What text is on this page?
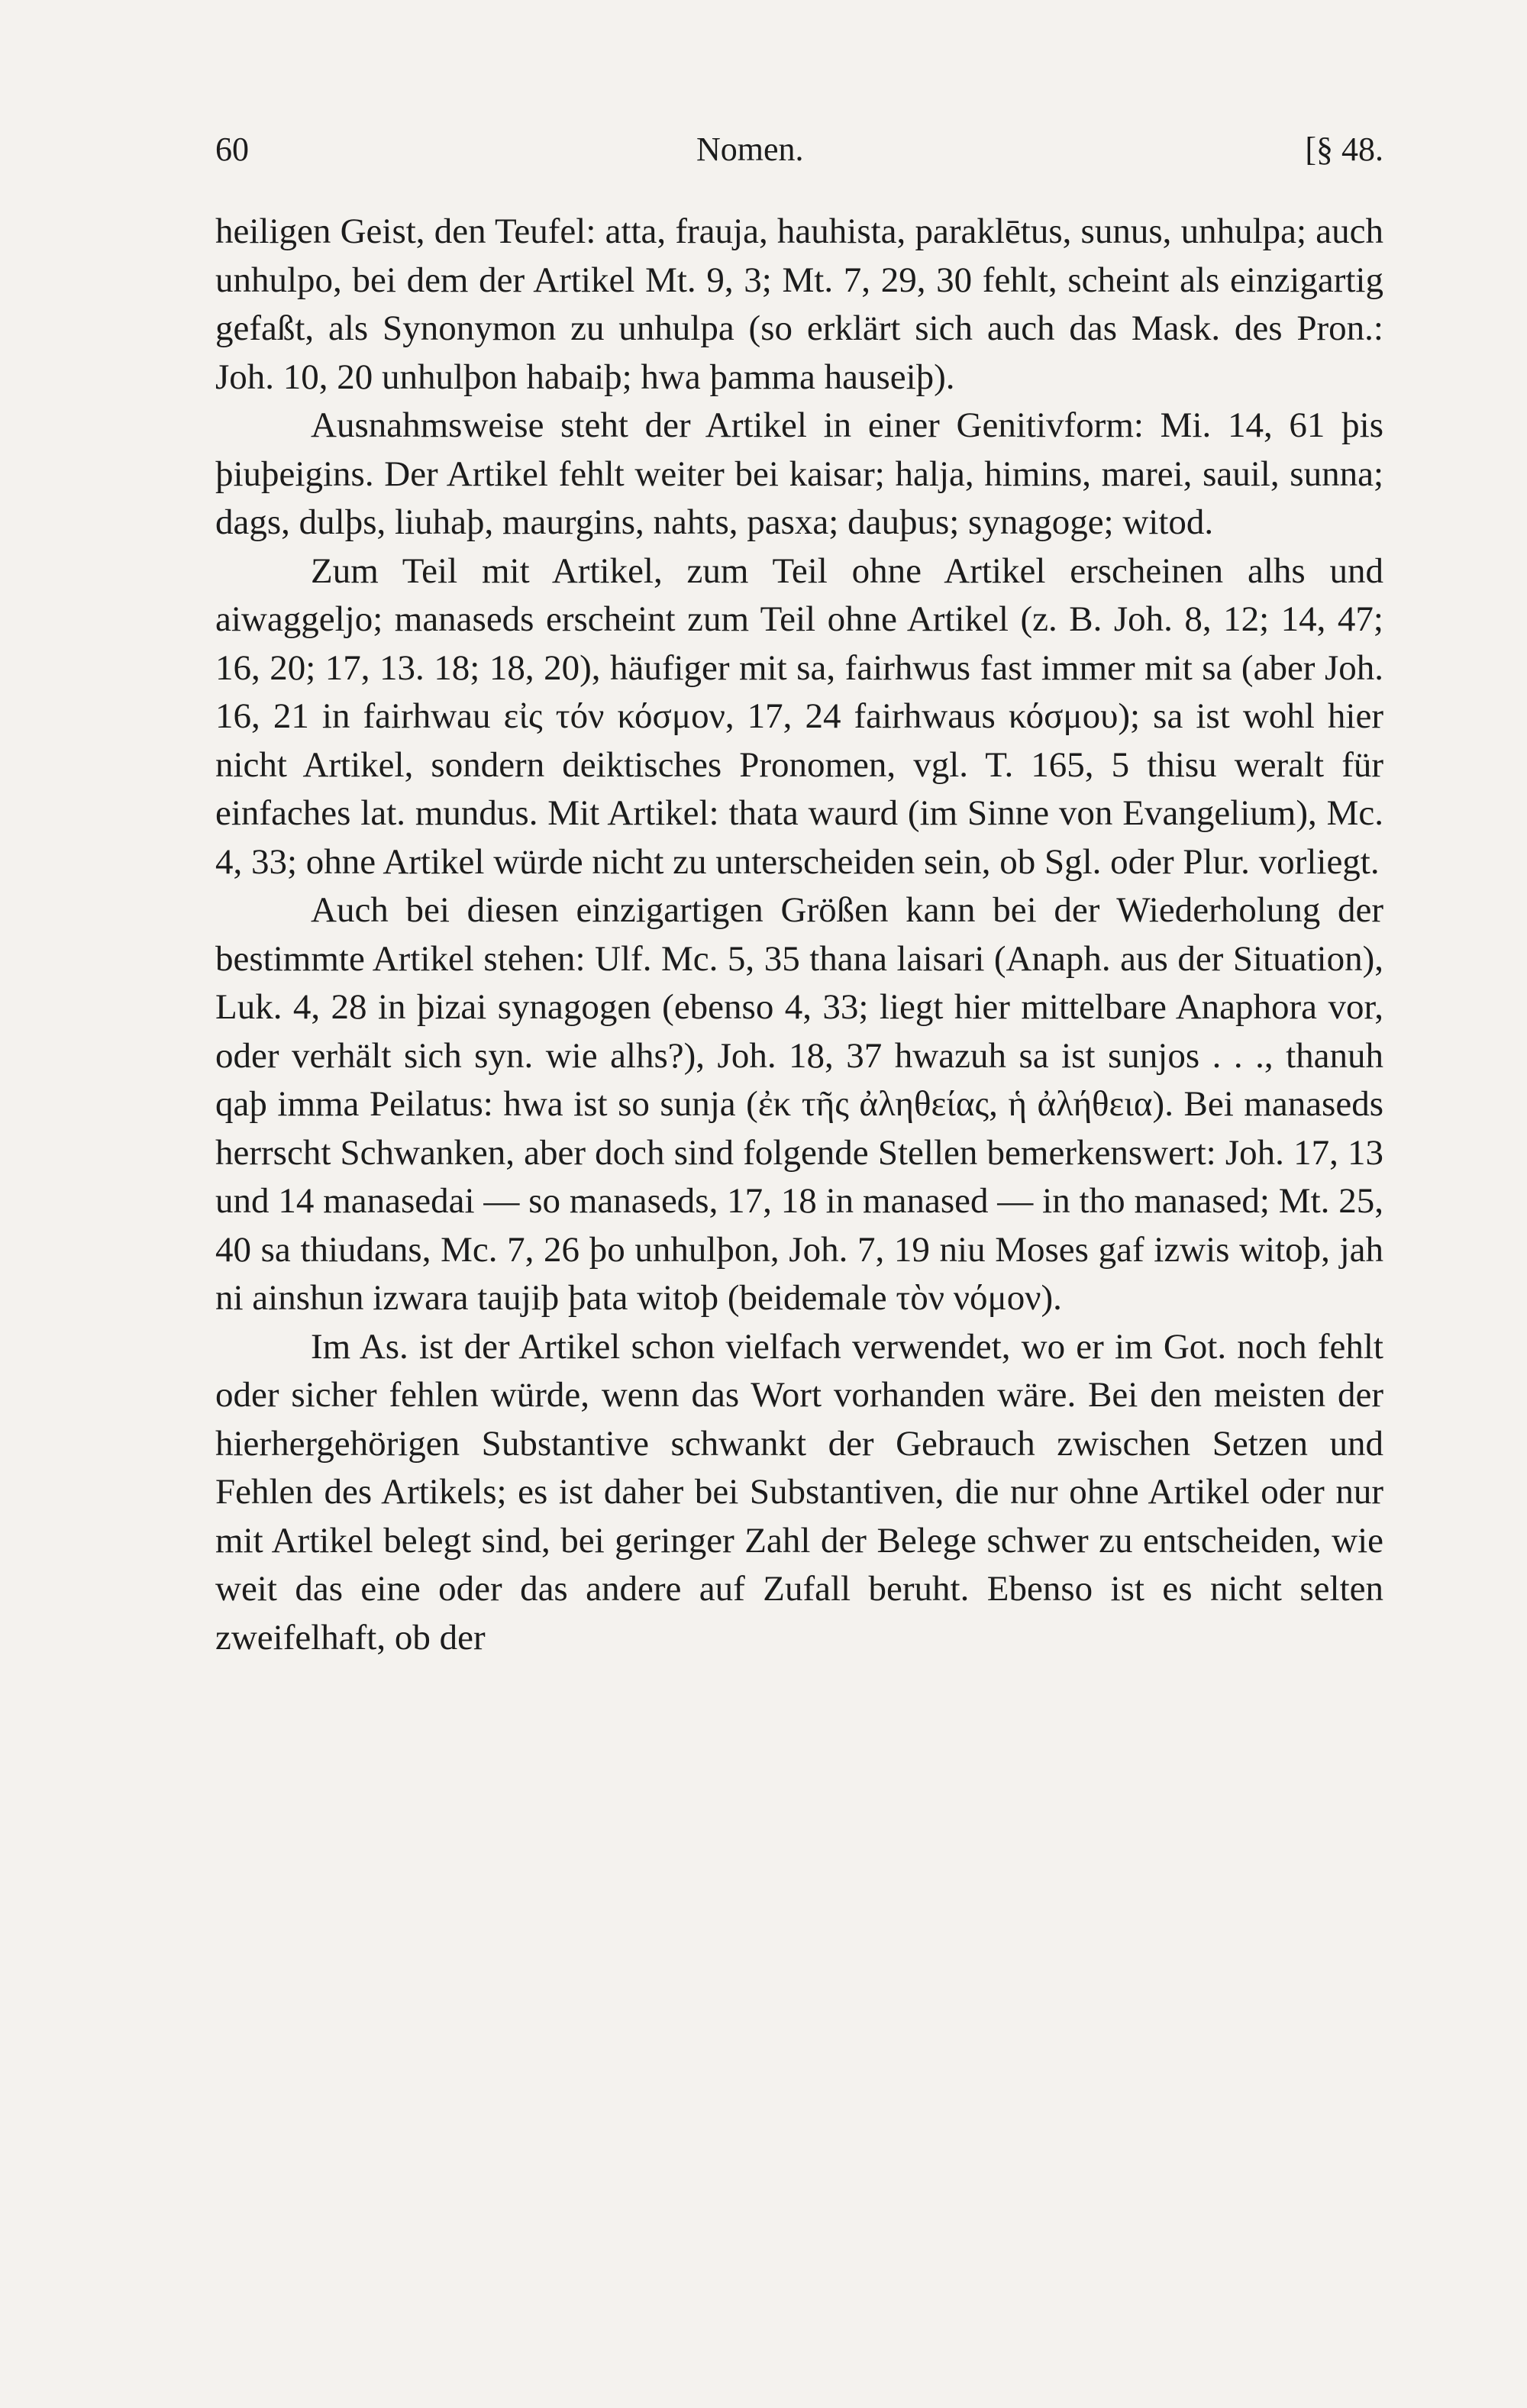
60	Nomen.	[§ 48.

heiligen Geist, den Teufel: atta, frauja, hauhista, paraklētus, sunus, unhulpa; auch unhulpo, bei dem der Artikel Mt. 9, 3; Mt. 7, 29, 30 fehlt, scheint als einzigartig gefaßt, als Synonymon zu unhulpa (so erklärt sich auch das Mask. des Pron.: Joh. 10, 20 unhulþon habaiþ; hwa þamma hauseiþ).

Ausnahmsweise steht der Artikel in einer Genitivform: Mi. 14, 61 þis þiuþeigins. Der Artikel fehlt weiter bei kaisar; halja, himins, marei, sauil, sunna; dags, dulþs, liuhaþ, maurgins, nahts, pasxa; dauþus; synagoge; witod.

Zum Teil mit Artikel, zum Teil ohne Artikel erscheinen alhs und aiwaggeljo; manaseds erscheint zum Teil ohne Artikel (z. B. Joh. 8, 12; 14, 47; 16, 20; 17, 13. 18; 18, 20), häufiger mit sa, fairhwus fast immer mit sa (aber Joh. 16, 21 in fairhwau εἰς τόν κόσμον, 17, 24 fairhwaus κόσμου); sa ist wohl hier nicht Artikel, sondern deiktisches Pronomen, vgl. T. 165, 5 thisu weralt für einfaches lat. mundus. Mit Artikel: thata waurd (im Sinne von Evangelium), Mc. 4, 33; ohne Artikel würde nicht zu unterscheiden sein, ob Sgl. oder Plur. vorliegt.

Auch bei diesen einzigartigen Größen kann bei der Wiederholung der bestimmte Artikel stehen: Ulf. Mc. 5, 35 thana laisari (Anaph. aus der Situation), Luk. 4, 28 in þizai synagogen (ebenso 4, 33; liegt hier mittelbare Anaphora vor, oder verhält sich syn. wie alhs?), Joh. 18, 37 hwazuh sa ist sunjos . . ., thanuh qaþ imma Peilatus: hwa ist so sunja (ἐκ τῆς ἀληθείας, ἡ ἀλήθεια). Bei manaseds herrscht Schwanken, aber doch sind folgende Stellen bemerkenswert: Joh. 17, 13 und 14 manasedai — so manaseds, 17, 18 in manased — in tho manased; Mt. 25, 40 sa thiudans, Mc. 7, 26 þo unhulþon, Joh. 7, 19 niu Moses gaf izwis witoþ, jah ni ainshun izwara taujiþ þata witoþ (beidemale τὸν νόμον).

Im As. ist der Artikel schon vielfach verwendet, wo er im Got. noch fehlt oder sicher fehlen würde, wenn das Wort vorhanden wäre. Bei den meisten der hierhergehörigen Substantive schwankt der Gebrauch zwischen Setzen und Fehlen des Artikels; es ist daher bei Substantiven, die nur ohne Artikel oder nur mit Artikel belegt sind, bei geringer Zahl der Belege schwer zu entscheiden, wie weit das eine oder das andere auf Zufall beruht. Ebenso ist es nicht selten zweifelhaft, ob der
